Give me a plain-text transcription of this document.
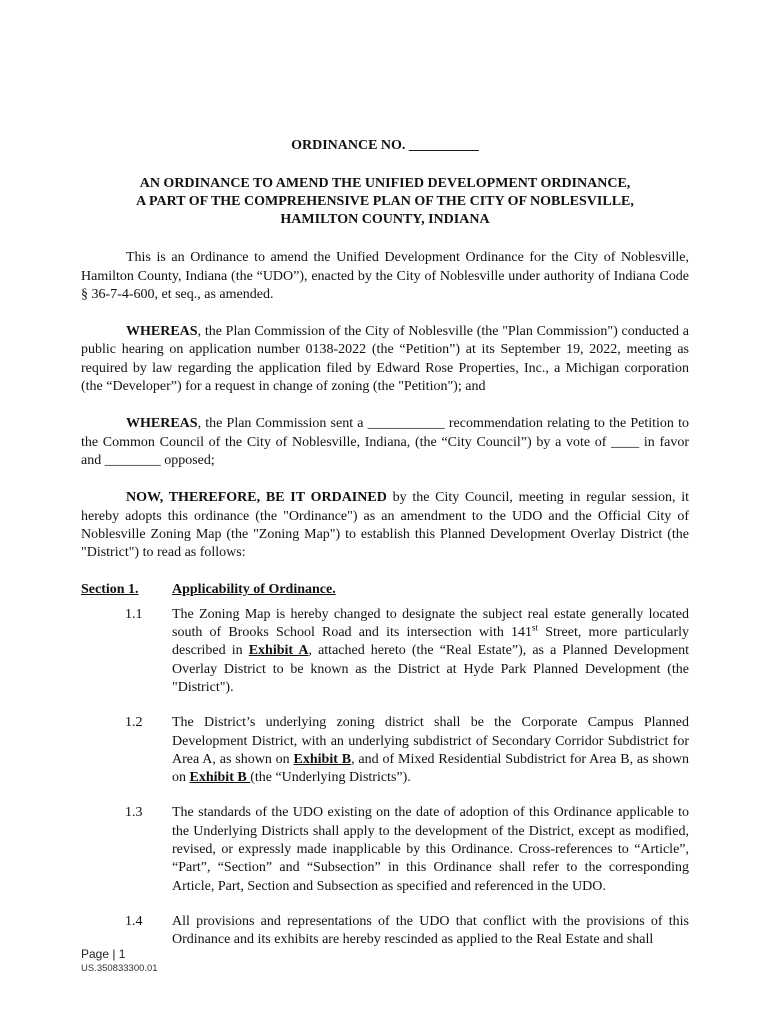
ORDINANCE NO. __________
AN ORDINANCE TO AMEND THE UNIFIED DEVELOPMENT ORDINANCE,
A PART OF THE COMPREHENSIVE PLAN OF THE CITY OF NOBLESVILLE,
HAMILTON COUNTY, INDIANA

This is an Ordinance to amend the Unified Development Ordinance for the City of Noblesville, Hamilton County, Indiana (the “UDO”), enacted by the City of Noblesville under authority of Indiana Code § 36-7-4-600, et seq., as amended.

WHEREAS, the Plan Commission of the City of Noblesville (the "Plan Commission") conducted a public hearing on application number 0138-2022 (the “Petition”) at its September 19, 2022, meeting as required by law regarding the application filed by Edward Rose Properties, Inc., a Michigan corporation (the “Developer”) for a request in change of zoning (the "Petition"); and

WHEREAS, the Plan Commission sent a ___________ recommendation relating to the Petition to the Common Council of the City of Noblesville, Indiana, (the “City Council”) by a vote of ____ in favor and ________ opposed;

NOW, THEREFORE, BE IT ORDAINED by the City Council, meeting in regular session, it hereby adopts this ordinance (the "Ordinance") as an amendment to the UDO and the Official City of Noblesville Zoning Map (the "Zoning Map") to establish this Planned Development Overlay District (the "District") to read as follows:

Section 1.	Applicability of Ordinance.
1.1	The Zoning Map is hereby changed to designate the subject real estate generally located south of Brooks School Road and its intersection with 141st Street, more particularly described in Exhibit A, attached hereto (the “Real Estate”), as a Planned Development Overlay District to be known as the District at Hyde Park Planned Development (the "District").
1.2	The District’s underlying zoning district shall be the Corporate Campus Planned Development District, with an underlying subdistrict of Secondary Corridor Subdistrict for Area A, as shown on Exhibit B, and of Mixed Residential Subdistrict for Area B, as shown on Exhibit B (the “Underlying Districts”).
1.3	The standards of the UDO existing on the date of adoption of this Ordinance applicable to the Underlying Districts shall apply to the development of the District, except as modified, revised, or expressly made inapplicable by this Ordinance. Cross-references to “Article”, “Part”, “Section” and “Subsection” in this Ordinance shall refer to the corresponding Article, Part, Section and Subsection as specified and referenced in the UDO.
1.4	All provisions and representations of the UDO that conflict with the provisions of this Ordinance and its exhibits are hereby rescinded as applied to the Real Estate and shall
Page | 1
US.350833300.01
